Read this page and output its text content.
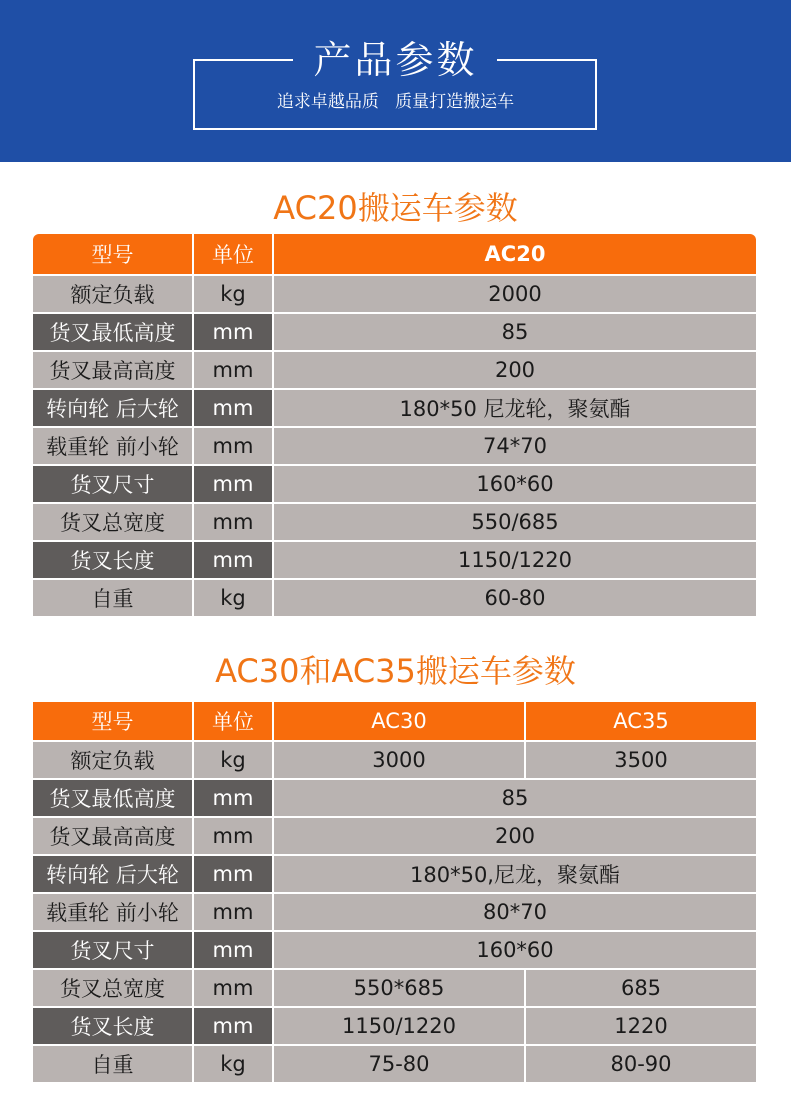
产品参数
追求卓越品质   质量打造搬运车
AC20搬运车参数
型号	单位	AC20
额定负载	kg	2000
货叉最低高度	mm	85
货叉最高高度	mm	200
转向轮 后大轮	mm	180*50 尼龙轮，聚氨酯
载重轮 前小轮	mm	74*70
货叉尺寸	mm	160*60
货叉总宽度	mm	550/685
货叉长度	mm	1150/1220
自重	kg	60-80
AC30和AC35搬运车参数
型号	单位	AC30	AC35
额定负载	kg	3000	3500
货叉最低高度	mm	85
货叉最高高度	mm	200
转向轮 后大轮	mm	180*50,尼龙，聚氨酯
载重轮 前小轮	mm	80*70
货叉尺寸	mm	160*60
货叉总宽度	mm	550*685	685
货叉长度	mm	1150/1220	1220
自重	kg	75-80	80-90
